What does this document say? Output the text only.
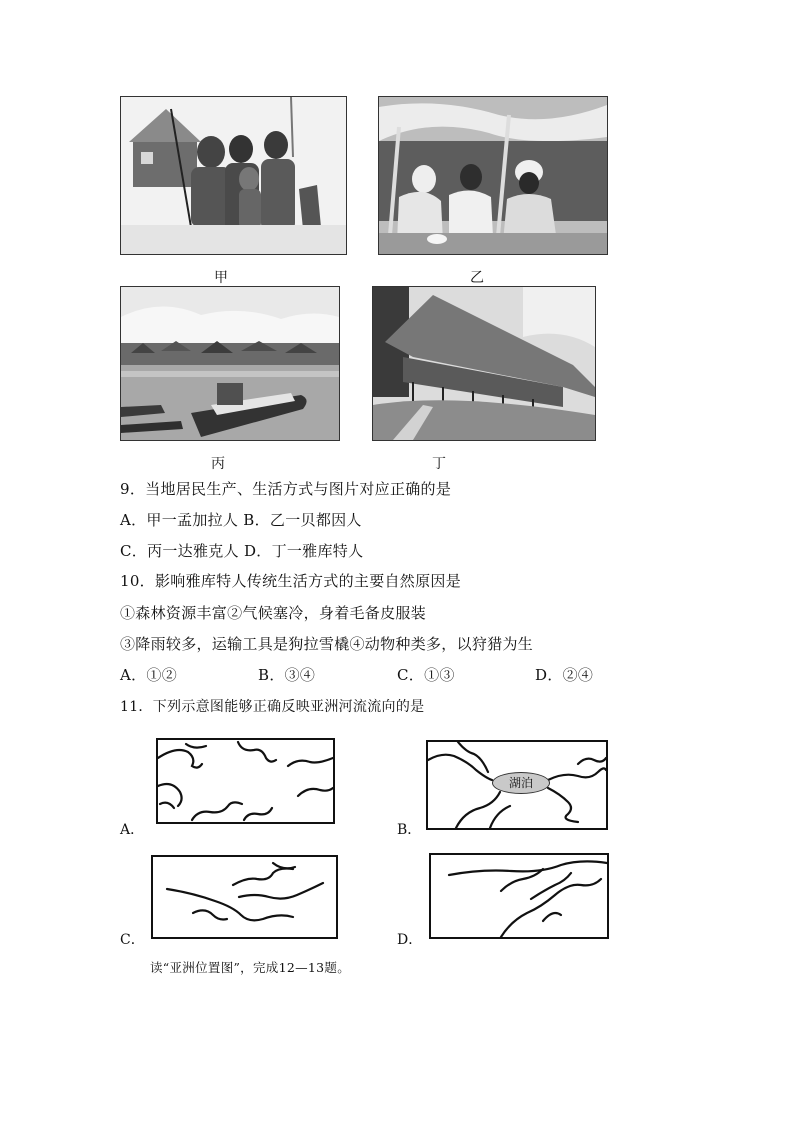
甲	乙
丙	丁
9．当地居民生产、生活方式与图片对应正确的是
A．甲一孟加拉人 B．乙一贝都因人
C．丙一达雅克人 D．丁一雅库特人
10．影响雅库特人传统生活方式的主要自然原因是
①森林资源丰富②气候塞冷，身着毛备皮服装
③降雨较多，运输工具是狗拉雪橇④动物种类多，以狩猎为生
A．①②	B．③④	C．①③	D．②④
11．下列示意图能够正确反映亚洲河流流向的是
A．	B．
湖泊
C．	D．
读“亚洲位置图”，完成12—13题。
